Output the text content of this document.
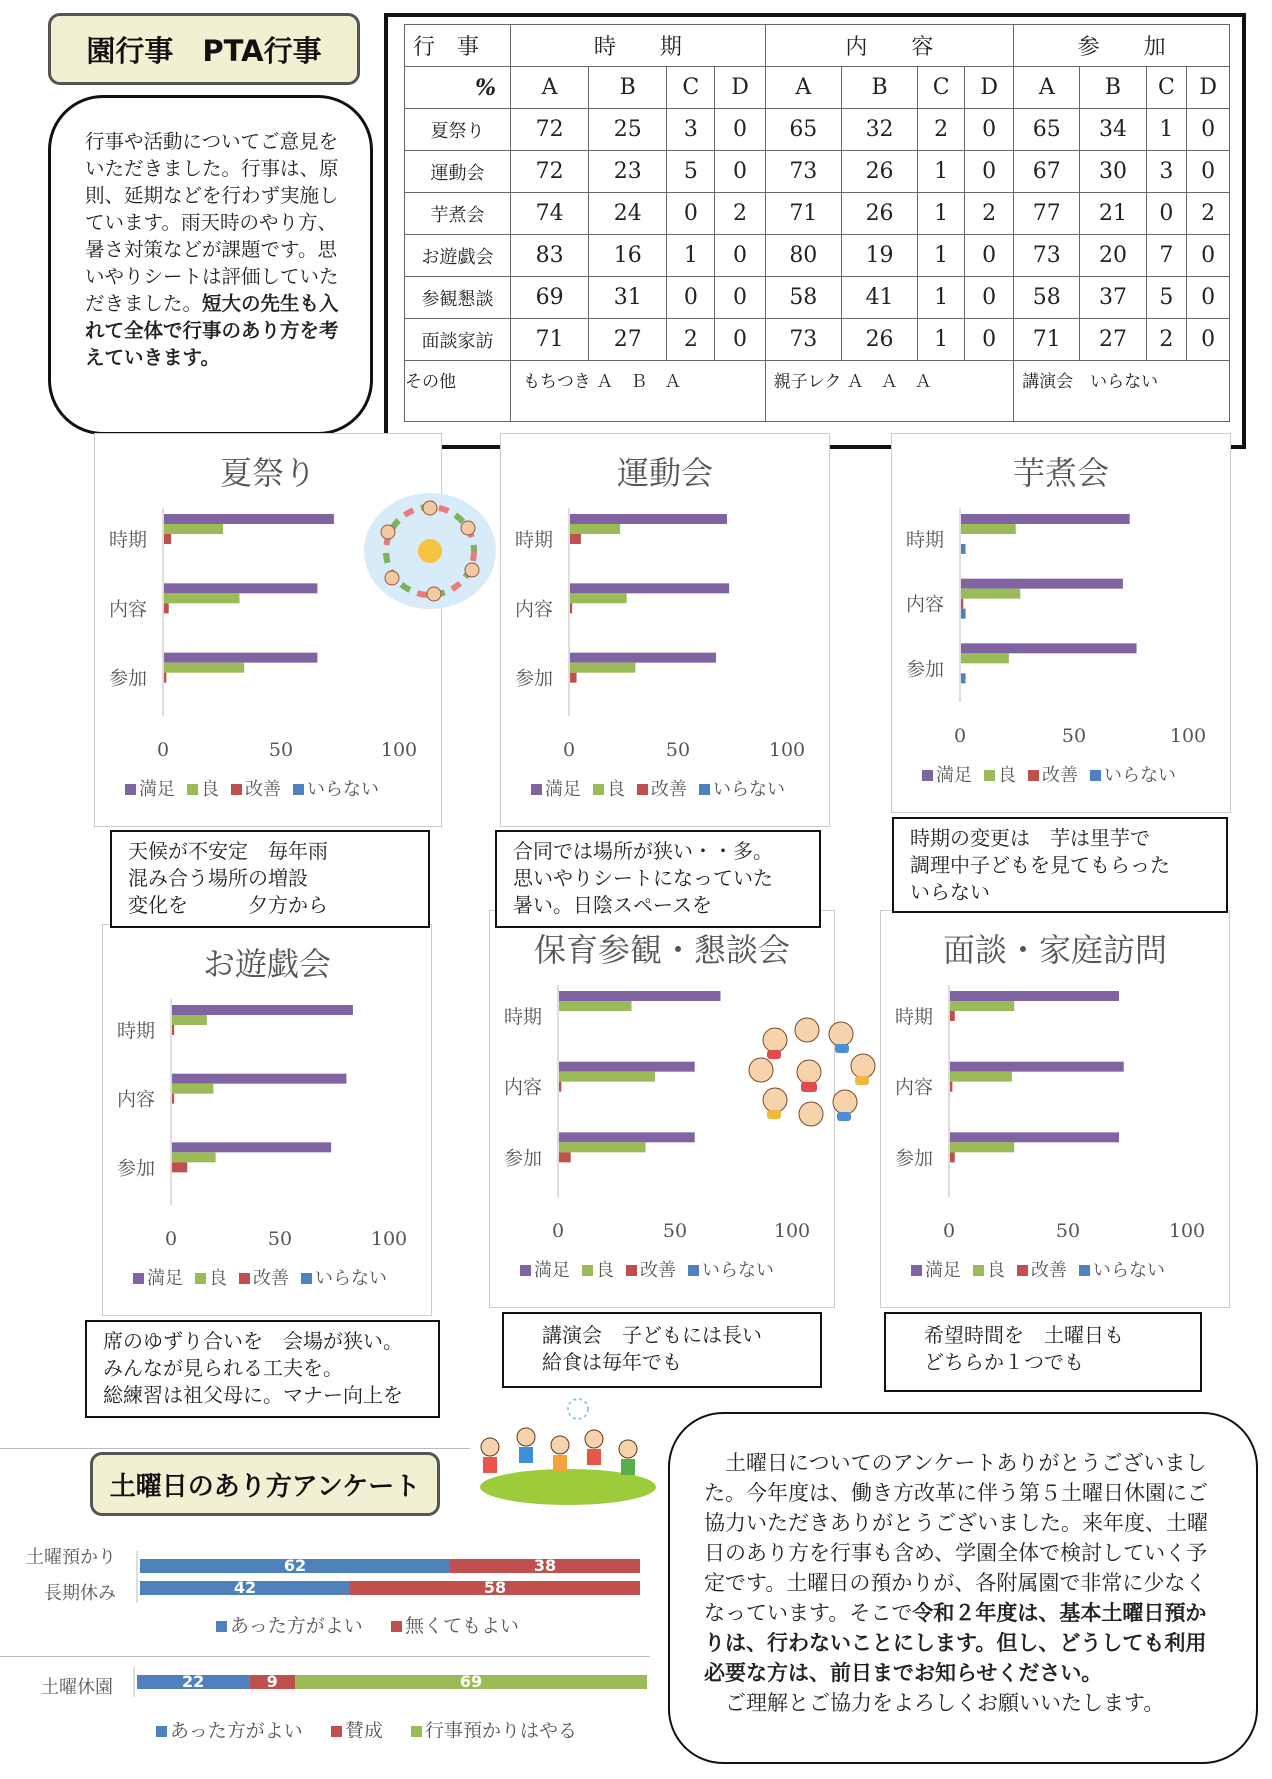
園行事　PTA行事
行事や活動についてご意見をいただきました。行事は、原則、延期などを行わず実施しています。雨天時のやり方、暑さ対策などが課題です。思いやりシートは評価していただきました。短大の先生も入れて全体で行事のあり方を考えていきます。
行　事	時　　期				内　　容				参　　加			
%	A	B	C	D	A	B	C	D	A	B	C	D
夏祭り	72	25	3	0	65	32	2	0	65	34	1	0
運動会	72	23	5	0	73	26	1	0	67	30	3	0
芋煮会	74	24	0	2	71	26	1	2	77	21	0	2
お遊戯会	83	16	1	0	80	19	1	0	73	20	7	0
参観懇談	69	31	0	0	58	41	1	0	58	37	5	0
面談家訪	71	27	2	0	73	26	1	0	71	27	2	0
その他	もちつき Ａ　Ｂ　Ａ				親子レク Ａ　Ａ　Ａ				講演会　いらない			
夏祭り
0	50	100
時期
内容
参加
満足 良 改善 いらない
運動会
0	50	100
時期
内容
参加
満足 良 改善 いらない
芋煮会
0	50	100
時期
内容
参加
満足 良 改善 いらない
お遊戯会
0	50	100
時期
内容
参加
満足 良 改善 いらない
保育参観・懇談会
0	50	100
時期
内容
参加
満足 良 改善 いらない
面談・家庭訪問
0	50	100
時期
内容
参加
満足 良 改善 いらない
天候が不安定　毎年雨
混み合う場所の増設
変化を　　　夕方から
合同では場所が狭い・・多。
思いやりシートになっていた
暑い。日陰スペースを
時期の変更は　芋は里芋で
調理中子どもを見てもらった
いらない
席のゆずり合いを　会場が狭い。
みんなが見られる工夫を。
総練習は祖父母に。マナー向上を
講演会　子どもには長い
給食は毎年でも
希望時間を　土曜日も
どちらか１つでも
土曜日のあり方アンケート
土曜預かり	62	38
長期休み	42	58
あった方がよい 無くてもよい
土曜休園	22	9	69
あった方がよい 賛成 行事預かりはやる
土曜日についてのアンケートありがとうございました。今年度は、働き方改革に伴う第５土曜日休園にご協力いただきありがとうございました。来年度、土曜日のあり方を行事も含め、学園全体で検討していく予定です。土曜日の預かりが、各附属園で非常に少なくなっています。そこで令和２年度は、基本土曜日預かりは、行わないことにします。但し、どうしても利用必要な方は、前日までお知らせください。
ご理解とご協力をよろしくお願いいたします。
